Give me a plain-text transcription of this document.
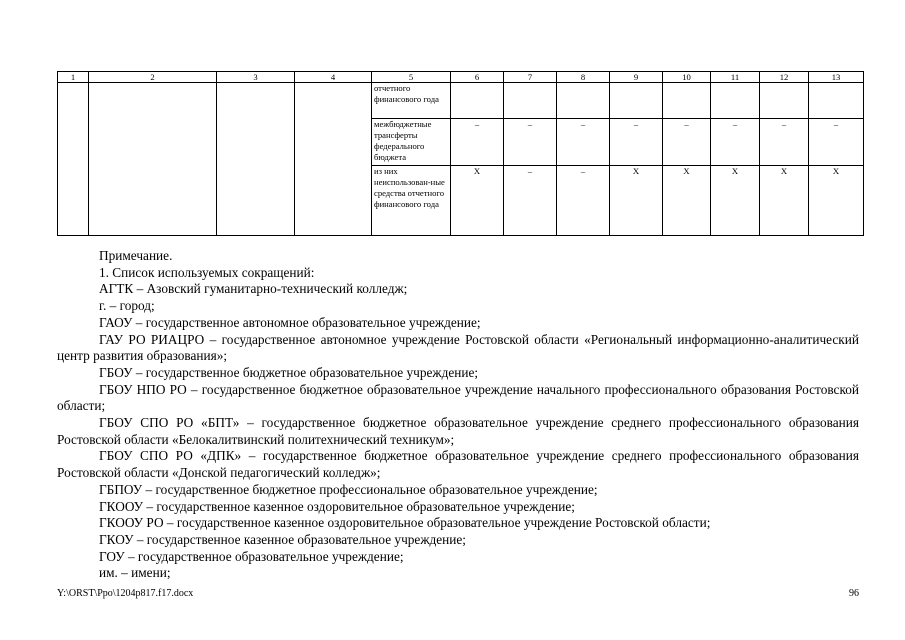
1	2	3	4	5	6	7	8	9	10	11	12	13
				отчетного финансового года								
				межбюджетные трансферты федерального бюджета	–	–	–	–	–	–	–	–
				из них неиспользован-ные средства отчетного финансового года	Х	–	–	Х	Х	Х	Х	Х

Примечание.

1. Список используемых сокращений:

АГТК – Азовский гуманитарно-технический колледж;

г. – город;

ГАОУ – государственное автономное образовательное учреждение;

ГАУ РО РИАЦРО – государственное автономное учреждение Ростовской области «Региональный информационно-аналитический центр развития образования»;

ГБОУ – государственное бюджетное образовательное учреждение;

ГБОУ НПО РО – государственное бюджетное образовательное учреждение начального профессионального образования Ростовской области;

ГБОУ СПО РО «БПТ» – государственное бюджетное образовательное учреждение среднего профессионального образования Ростовской области «Белокалитвинский политехнический техникум»;

ГБОУ СПО РО «ДПК» – государственное бюджетное образовательное учреждение среднего профессионального образования Ростовской области «Донской педагогический колледж»;

ГБПОУ – государственное бюджетное профессиональное образовательное учреждение;

ГКООУ – государственное казенное оздоровительное образовательное учреждение;

ГКООУ РО – государственное казенное оздоровительное образовательное учреждение Ростовской области;

ГКОУ – государственное казенное образовательное учреждение;

ГОУ – государственное образовательное учреждение;

им. – имени;

Y:\ORST\Ppo\1204p817.f17.docx	96
